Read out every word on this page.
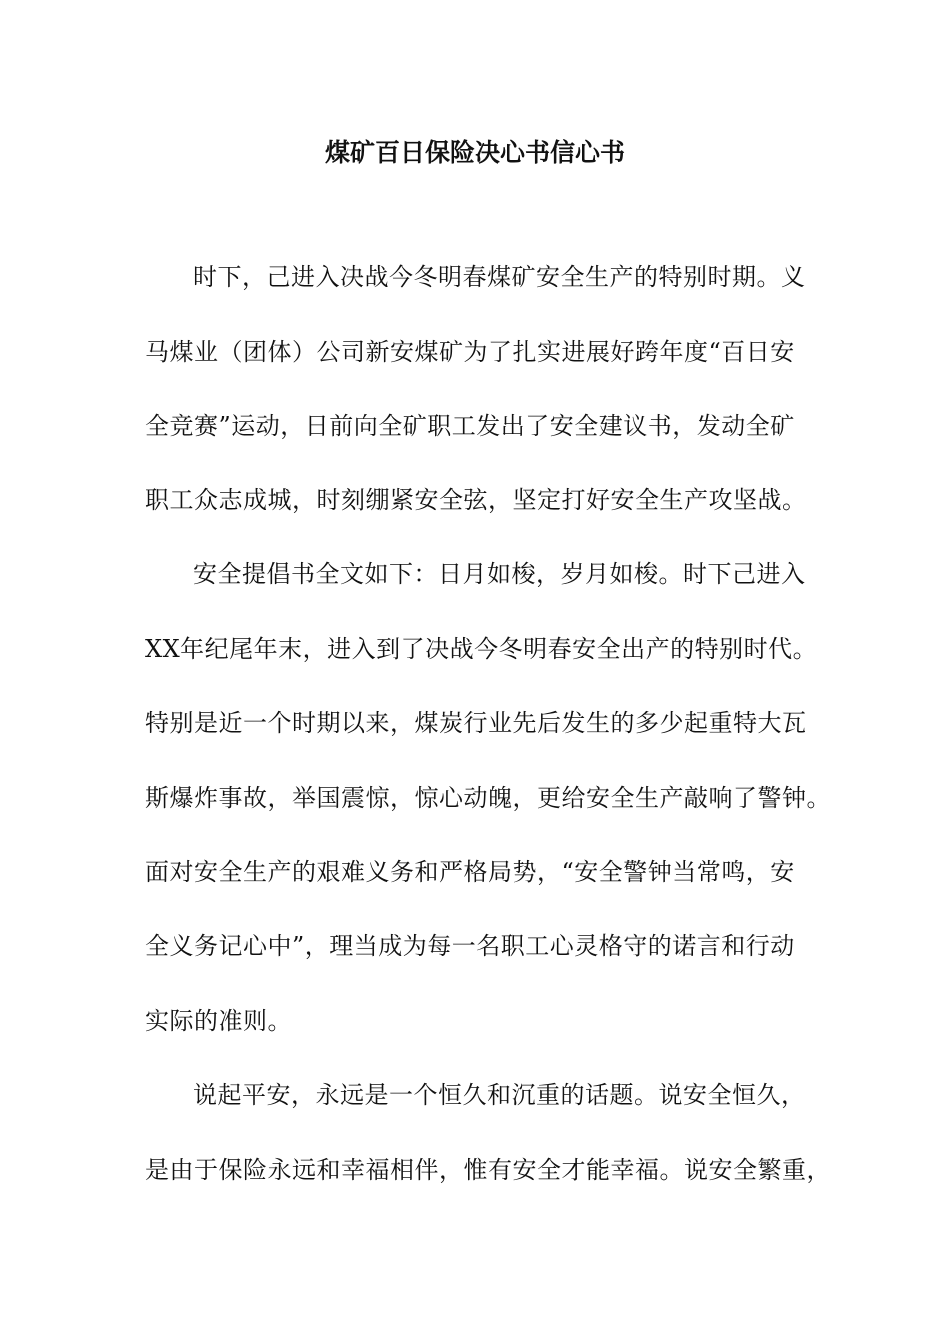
煤矿百日保险决心书信心书
时下，己进入决战今冬明春煤矿安全生产的特别时期。义
马煤业（团体）公司新安煤矿为了扎实进展好跨年度“百日安
全竞赛”运动，日前向全矿职工发出了安全建议书，发动全矿
职工众志成城，时刻绷紧安全弦，坚定打好安全生产攻坚战。
安全提倡书全文如下：日月如梭，岁月如梭。时下己进入
XX年纪尾年末，进入到了决战今冬明春安全出产的特别时代。
特别是近一个时期以来，煤炭行业先后发生的多少起重特大瓦
斯爆炸事故，举国震惊，惊心动魄，更给安全生产敲响了警钟。
面对安全生产的艰难义务和严格局势，“安全警钟当常鸣，安
全义务记心中”，理当成为每一名职工心灵格守的诺言和行动
实际的准则。
说起平安，永远是一个恒久和沉重的话题。说安全恒久，
是由于保险永远和幸福相伴，惟有安全才能幸福。说安全繁重，
